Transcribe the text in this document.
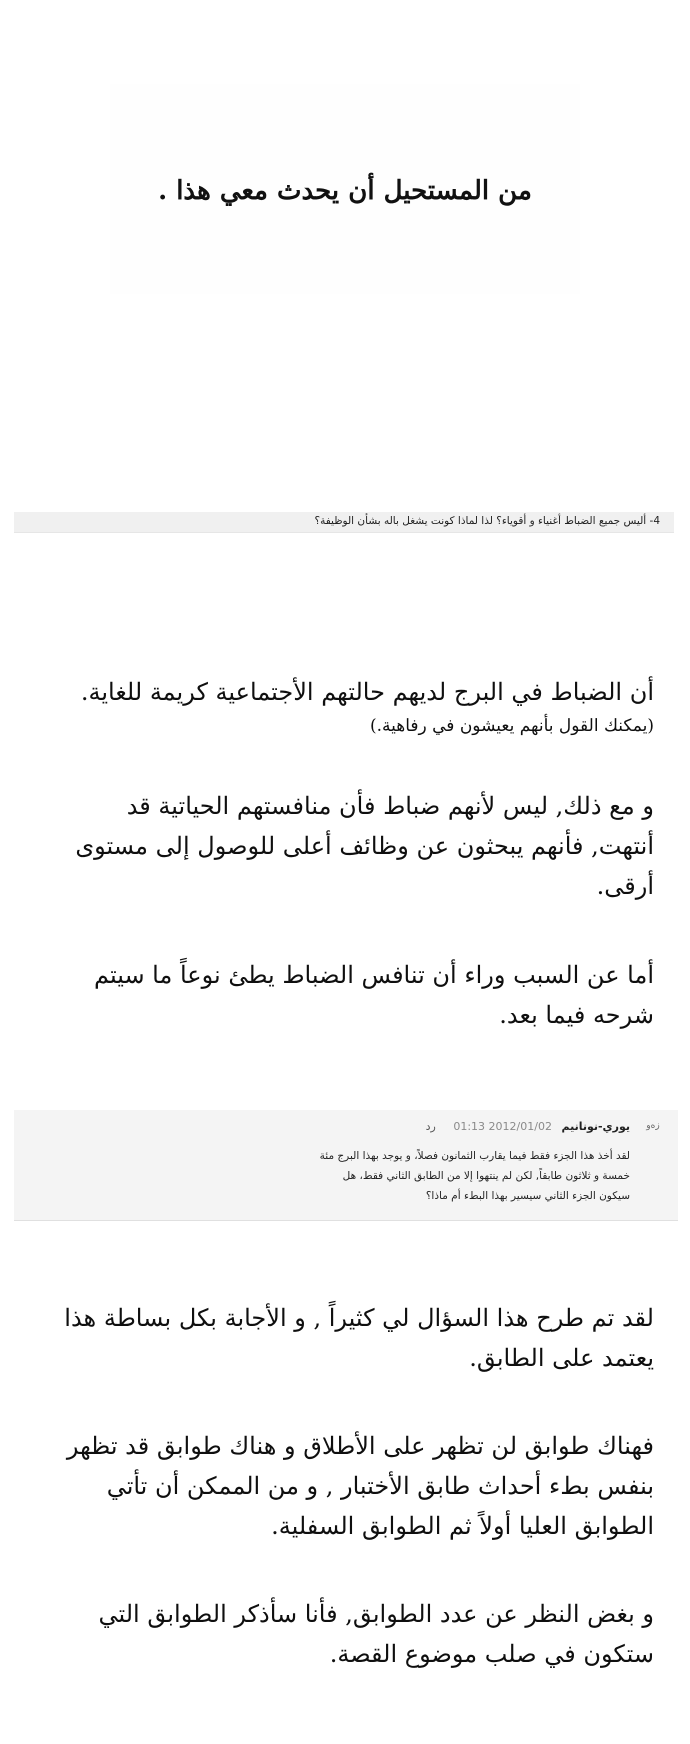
من المستحيل أن يحدث معي هذا .
4- أليس جميع الضباط أغنياء و أقوياء؟ لذا لماذا كونت يشغل باله بشأن الوظيفة؟

أن الضباط في البرج لديهم حالتهم الأجتماعية كريمة للغاية.

(يمكنك القول بأنهم يعيشون في رفاهية.)

و مع ذلك, ليس لأنهم ضباط فأن منافستهم الحياتية قد أنتهت, فأنهم يبحثون عن وظائف أعلى للوصول إلى مستوى أرقى.

أما عن السبب وراء أن تنافس الضباط يطئ نوعاً ما سيتم شرحه فيما بعد.

ﺯﻩﻭ
يوري-نونانيم 2012/01/02 01:13 رد
لقد أخذ هذا الجزء فقط فيما يقارب الثمانون فصلاً، و يوجد بهذا البرج مئة خمسة و ثلاثون طابقاً, لكن لم ينتهوا إلا من الطابق الثاني فقط، هل سيكون الجزء الثاني سيسير بهذا البطء أم ماذا؟

لقد تم طرح هذا السؤال لي كثيراً , و الأجابة بكل بساطة هذا يعتمد على الطابق.

فهناك طوابق لن تظهر على الأطلاق و هناك طوابق قد تظهر بنفس بطء أحداث طابق الأختبار , و من الممكن أن تأتي الطوابق العليا أولاً ثم الطوابق السفلية.

و بغض النظر عن عدد الطوابق, فأنا سأذكر الطوابق التي ستكون في صلب موضوع القصة.
